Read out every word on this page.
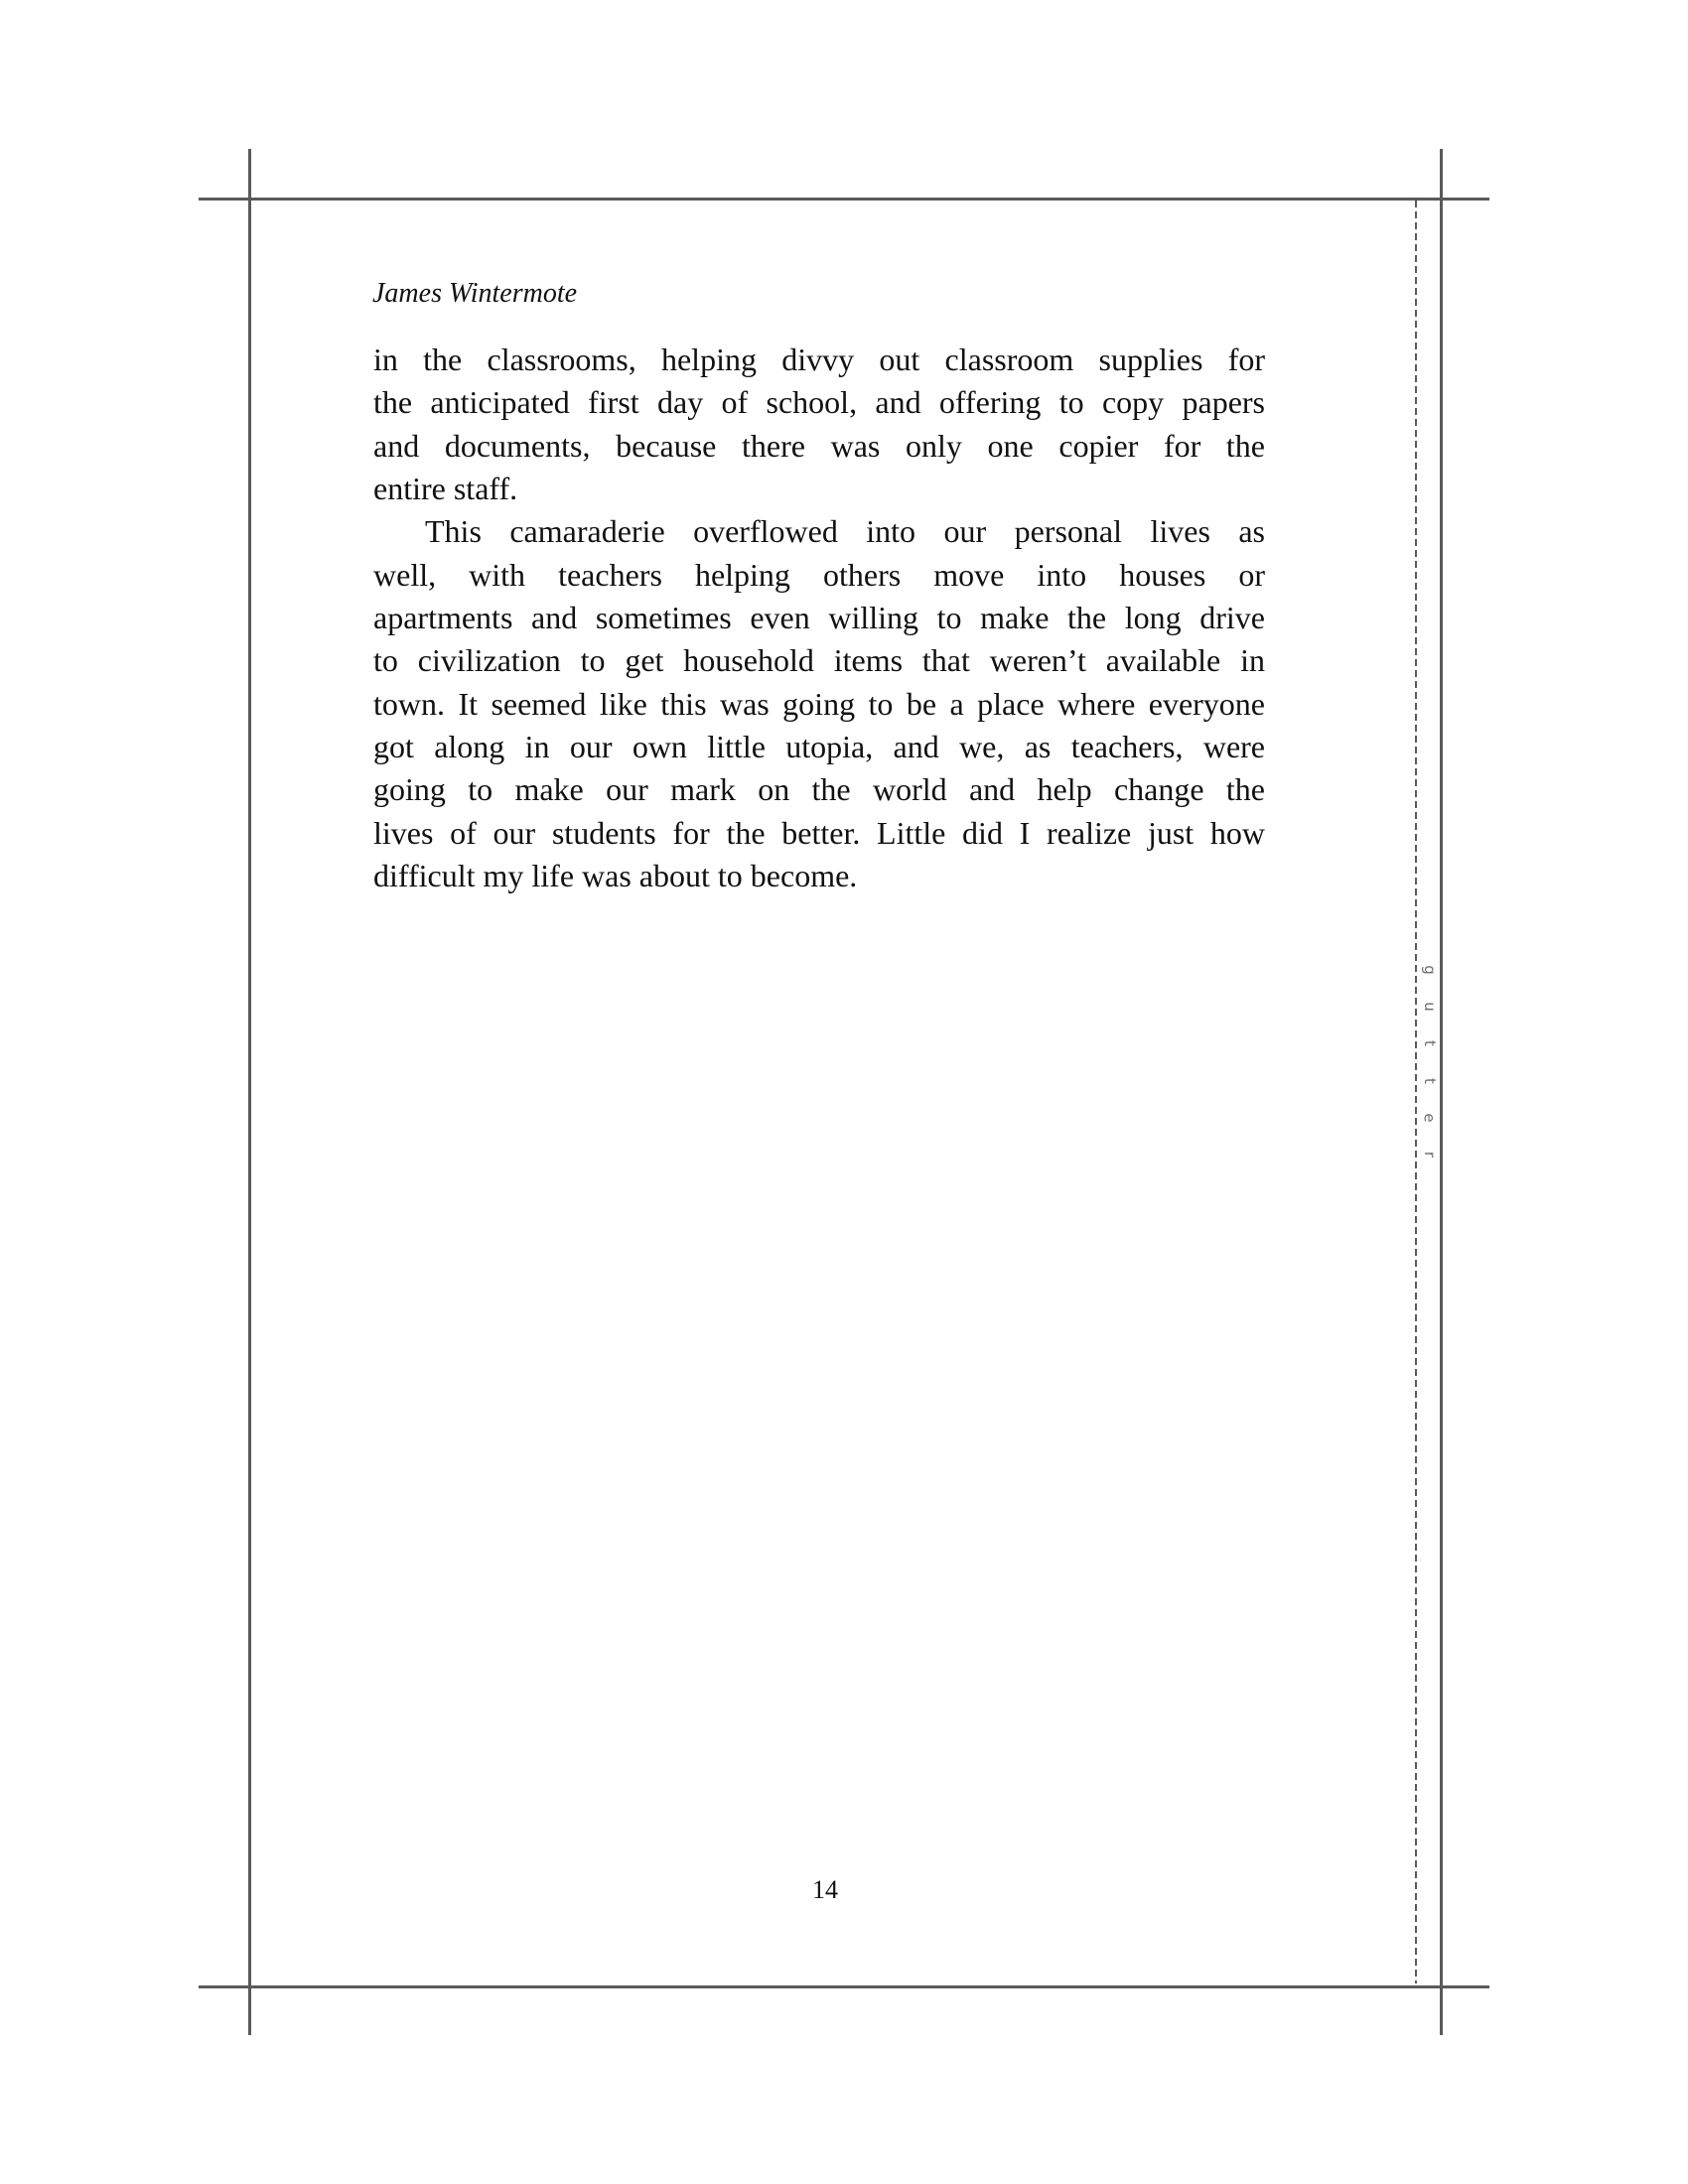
g
u
t
t
e
r
James Wintermote
in the classrooms, helping divvy out classroom supplies for
the anticipated first day of school, and offering to copy papers
and documents, because there was only one copier for the
entire staff.
This camaraderie overflowed into our personal lives as
well, with teachers helping others move into houses or
apartments and sometimes even willing to make the long drive
to civilization to get household items that weren’t available in
town. It seemed like this was going to be a place where everyone
got along in our own little utopia, and we, as teachers, were
going to make our mark on the world and help change the
lives of our students for the better. Little did I realize just how
difficult my life was about to become.
14
